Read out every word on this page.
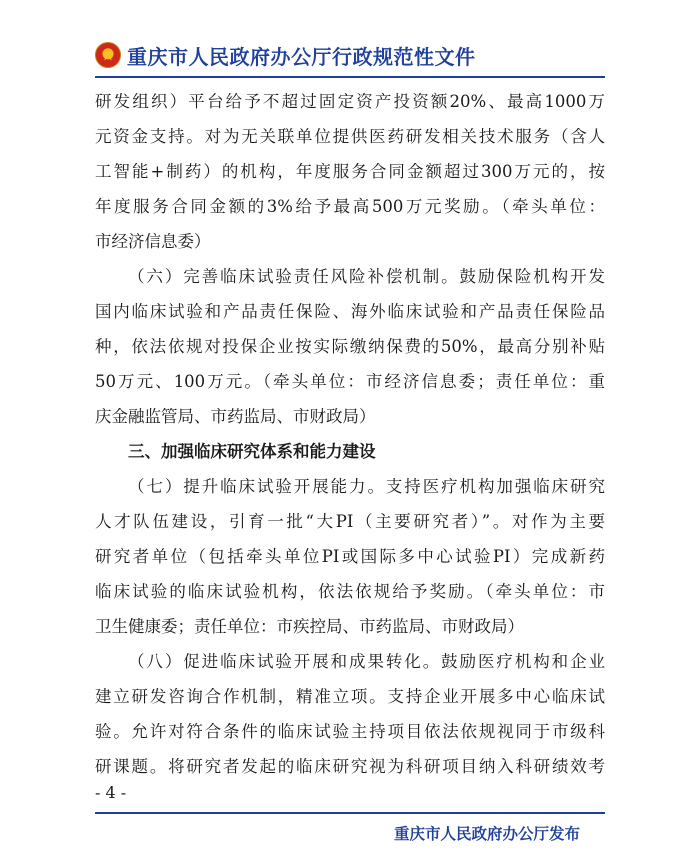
重庆市人民政府办公厅行政规范性文件
研发组织）平台给予不超过固定资产投资额20%、最高1000万
元资金支持。对为无关联单位提供医药研发相关技术服务（含人
工智能+制药）的机构，年度服务合同金额超过300万元的，按
年度服务合同金额的3%给予最高500万元奖励。（牵头单位：
市经济信息委）
（六）完善临床试验责任风险补偿机制。鼓励保险机构开发
国内临床试验和产品责任保险、海外临床试验和产品责任保险品
种，依法依规对投保企业按实际缴纳保费的50%，最高分别补贴
50万元、100万元。（牵头单位：市经济信息委；责任单位：重
庆金融监管局、市药监局、市财政局）
三、加强临床研究体系和能力建设
（七）提升临床试验开展能力。支持医疗机构加强临床研究
人才队伍建设，引育一批“大PI（主要研究者）”。对作为主要
研究者单位（包括牵头单位PI或国际多中心试验PI）完成新药
临床试验的临床试验机构，依法依规给予奖励。（牵头单位：市
卫生健康委；责任单位：市疾控局、市药监局、市财政局）
（八）促进临床试验开展和成果转化。鼓励医疗机构和企业
建立研发咨询合作机制，精准立项。支持企业开展多中心临床试
验。允许对符合条件的临床试验主持项目依法依规视同于市级科
研课题。将研究者发起的临床研究视为科研项目纳入科研绩效考
- 4 -
重庆市人民政府办公厅发布
